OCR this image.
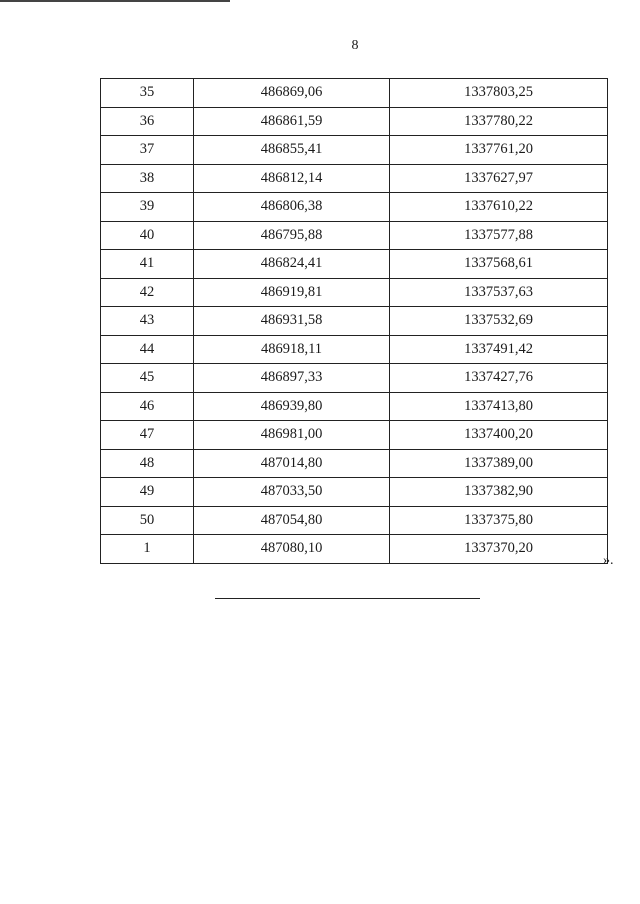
8
35	486869,06	1337803,25
36	486861,59	1337780,22
37	486855,41	1337761,20
38	486812,14	1337627,97
39	486806,38	1337610,22
40	486795,88	1337577,88
41	486824,41	1337568,61
42	486919,81	1337537,63
43	486931,58	1337532,69
44	486918,11	1337491,42
45	486897,33	1337427,76
46	486939,80	1337413,80
47	486981,00	1337400,20
48	487014,80	1337389,00
49	487033,50	1337382,90
50	487054,80	1337375,80
1	487080,10	1337370,20
».
